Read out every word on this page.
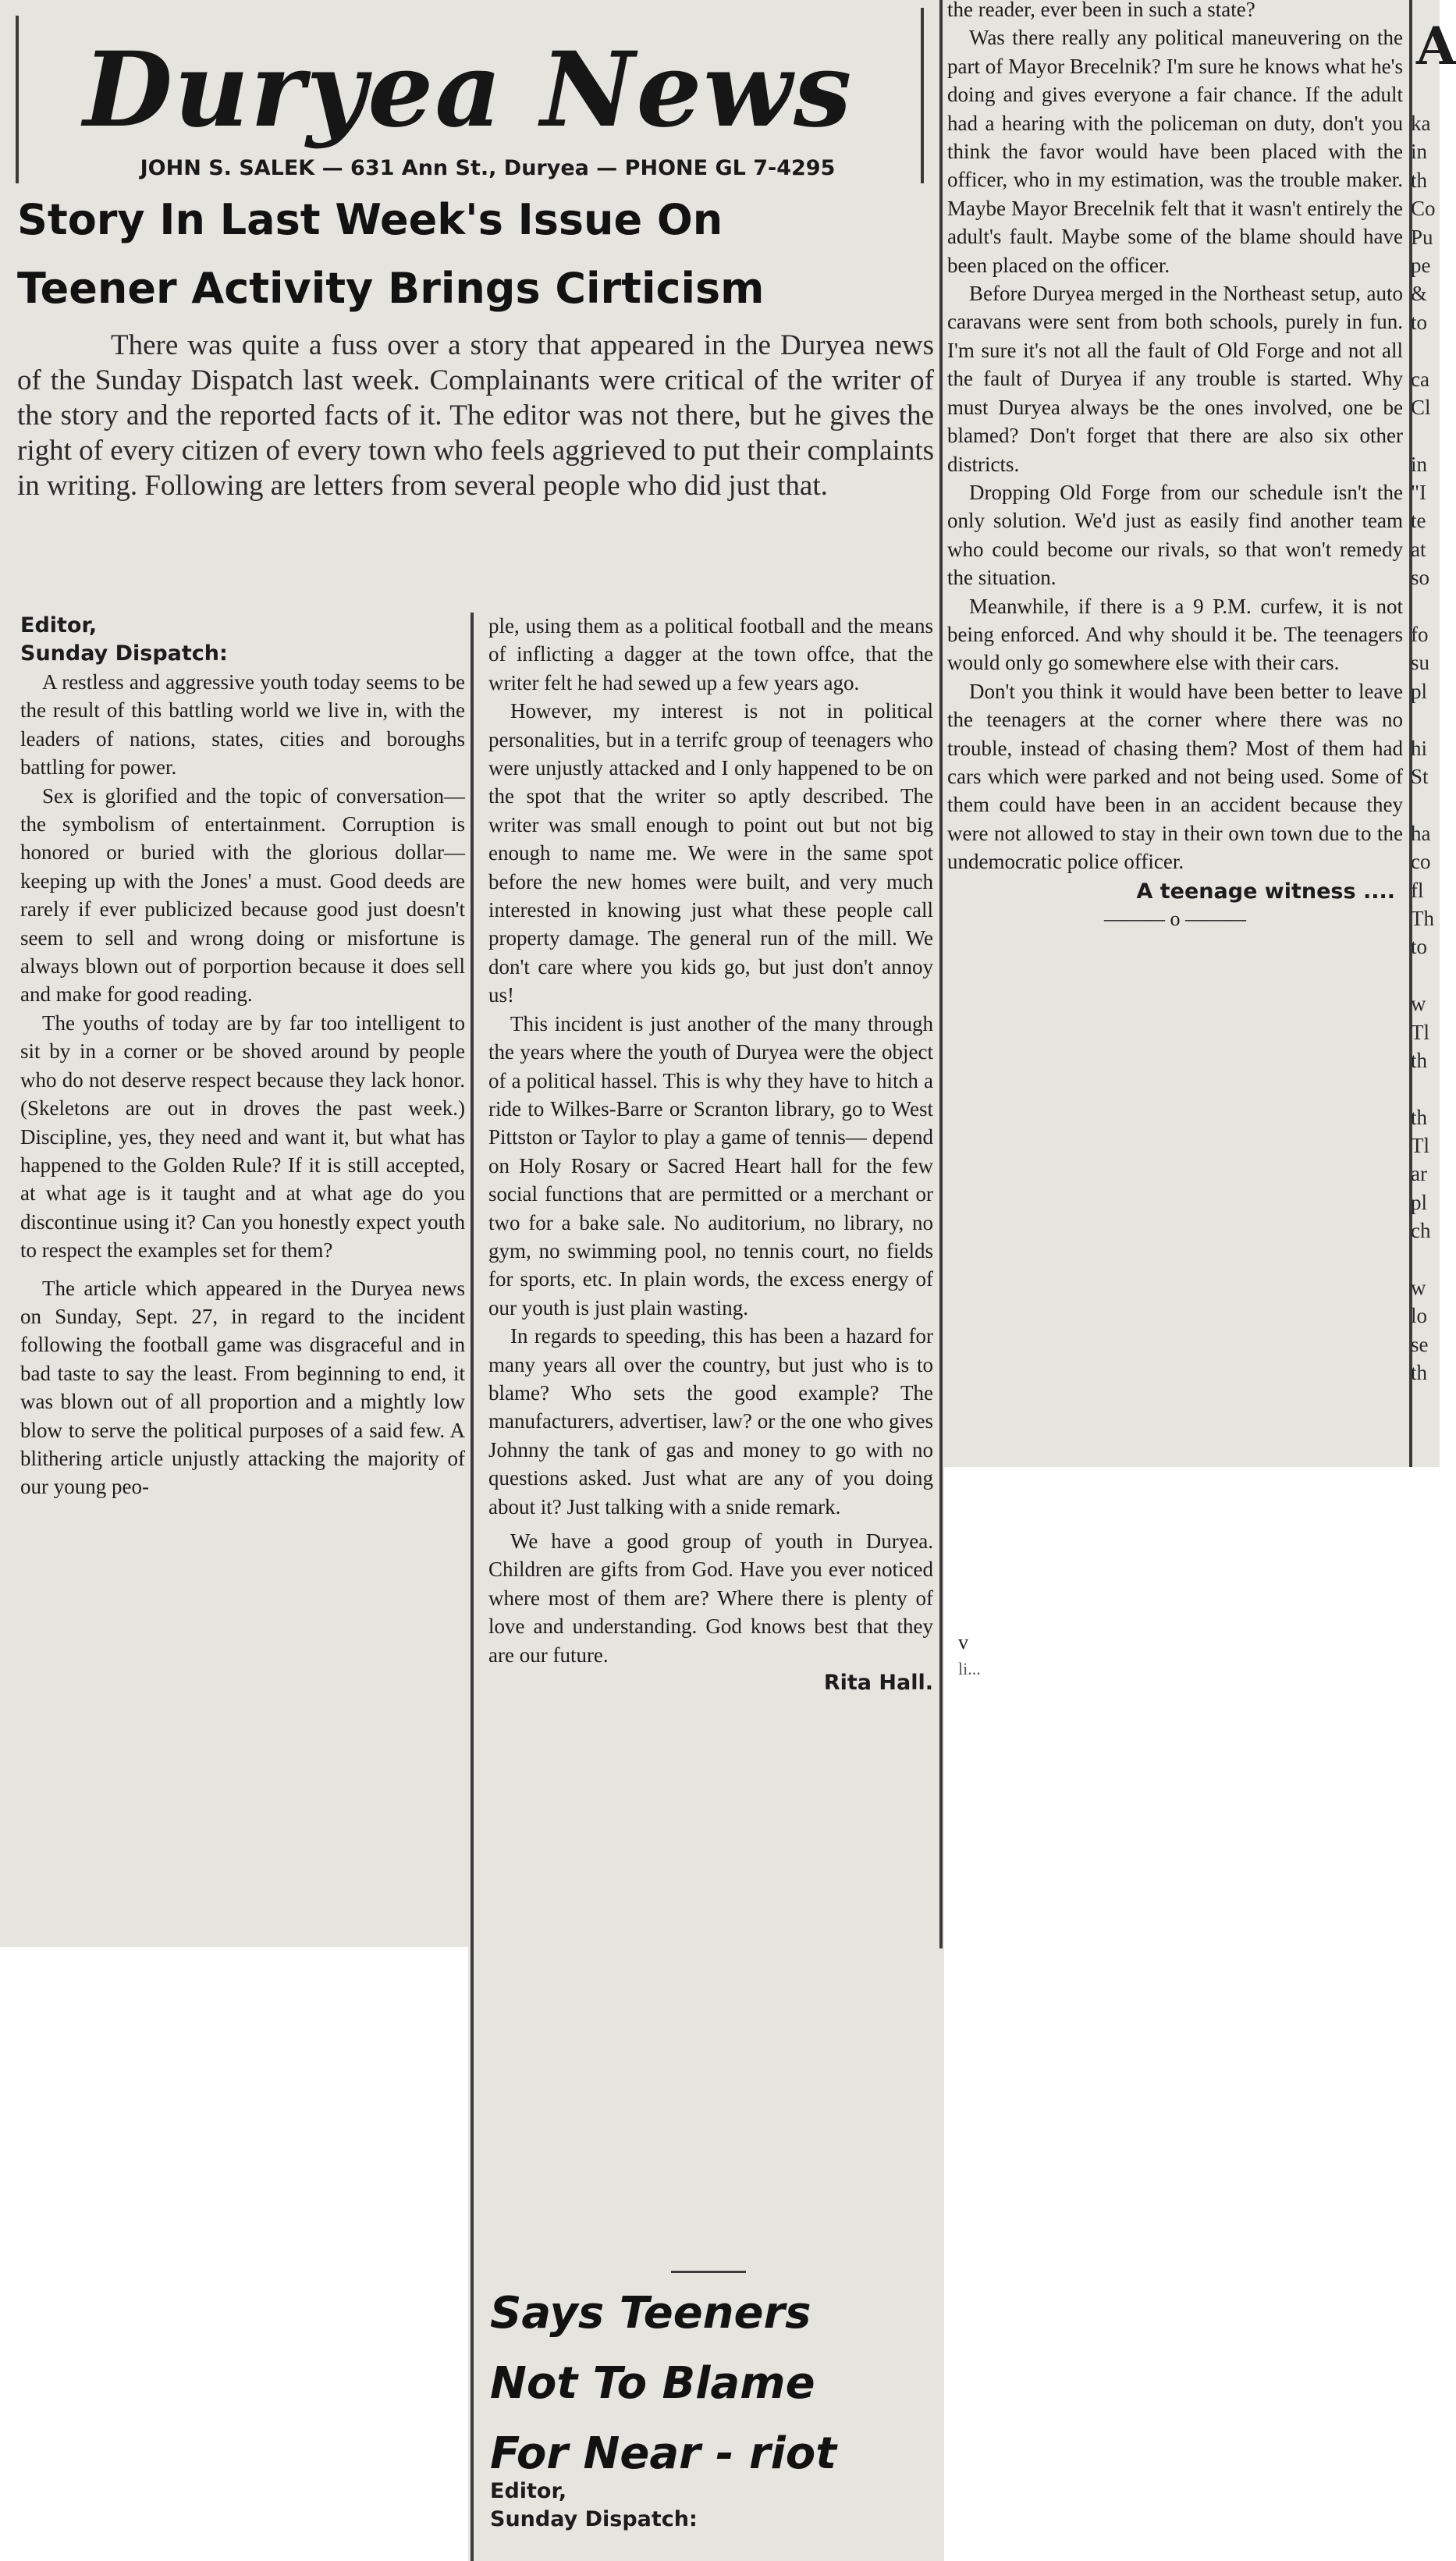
Duryea News
JOHN S. SALEK — 631 Ann St., Duryea — PHONE GL 7-4295
Story In Last Week's Issue On
Teener Activity Brings Cirticism

There was quite a fuss over a story that appeared in the Duryea news of the Sunday Dispatch last week. Complainants were critical of the writer of the story and the reported facts of it. The editor was not there, but he gives the right of every citizen of every town who feels aggrieved to put their complaints in writing. Following are letters from several people who did just that.

Editor,
Sunday Dispatch:

A restless and aggressive youth today seems to be the result of this battling world we live in, with the leaders of nations, states, cities and boroughs battling for power.

Sex is glorified and the topic of conversation— the symbolism of entertainment. Corruption is honored or buried with the glorious dollar— keeping up with the Jones' a must. Good deeds are rarely if ever publicized because good just doesn't seem to sell and wrong doing or misfortune is always blown out of porportion because it does sell and make for good reading.

The youths of today are by far too intelligent to sit by in a corner or be shoved around by people who do not deserve respect because they lack honor. (Skeletons are out in droves the past week.) Discipline, yes, they need and want it, but what has happened to the Golden Rule? If it is still accepted, at what age is it taught and at what age do you discontinue using it? Can you honestly expect youth to respect the examples set for them?

The article which appeared in the Duryea news on Sunday, Sept. 27, in regard to the incident following the football game was disgraceful and in bad taste to say the least. From beginning to end, it was blown out of all proportion and a mightly low blow to serve the political purposes of a said few. A blithering article unjustly attacking the majority of our young peo-

ple, using them as a political football and the means of inflicting a dagger at the town offce, that the writer felt he had sewed up a few years ago.

However, my interest is not in political personalities, but in a terrifc group of teenagers who were unjustly attacked and I only happened to be on the spot that the writer so aptly described. The writer was small enough to point out but not big enough to name me. We were in the same spot before the new homes were built, and very much interested in knowing just what these people call property damage. The general run of the mill. We don't care where you kids go, but just don't annoy us!

This incident is just another of the many through the years where the youth of Duryea were the object of a political hassel. This is why they have to hitch a ride to Wilkes-Barre or Scranton library, go to West Pittston or Taylor to play a game of tennis— depend on Holy Rosary or Sacred Heart hall for the few social functions that are permitted or a merchant or two for a bake sale. No auditorium, no library, no gym, no swimming pool, no tennis court, no fields for sports, etc. In plain words, the excess energy of our youth is just plain wasting.

In regards to speeding, this has been a hazard for many years all over the country, but just who is to blame? Who sets the good example? The manufacturers, advertiser, law? or the one who gives Johnny the tank of gas and money to go with no questions asked. Just what are any of you doing about it? Just talking with a snide remark.

We have a good group of youth in Duryea. Children are gifts from God. Have you ever noticed where most of them are? Where there is plenty of love and understanding. God knows best that they are our future.

Rita Hall.
Says Teeners
Not To Blame
For Near - riot
Editor,
Sunday Dispatch:

the reader, ever been in such a state?

Was there really any political maneuvering on the part of Mayor Brecelnik? I'm sure he knows what he's doing and gives everyone a fair chance. If the adult had a hearing with the policeman on duty, don't you think the favor would have been placed with the officer, who in my estimation, was the trouble maker. Maybe Mayor Brecelnik felt that it wasn't entirely the adult's fault. Maybe some of the blame should have been placed on the officer.

Before Duryea merged in the Northeast setup, auto caravans were sent from both schools, purely in fun. I'm sure it's not all the fault of Old Forge and not all the fault of Duryea if any trouble is started. Why must Duryea always be the ones involved, one be blamed? Don't forget that there are also six other districts.

Dropping Old Forge from our schedule isn't the only solution. We'd just as easily find another team who could become our rivals, so that won't remedy the situation.

Meanwhile, if there is a 9 P.M. curfew, it is not being enforced. And why should it be. The teenagers would only go somewhere else with their cars.

Don't you think it would have been better to leave the teenagers at the corner where there was no trouble, instead of chasing them? Most of them had cars which were parked and not being used. Some of them could have been in an accident because they were not allowed to stay in their own town due to the undemocratic police officer.

A teenage witness ....
——— o ———
v
li...
A
ka
in
th
Co
Pu
pe
&
to
ca
Cl
in
"I
te
at
so
fo
su
pl
hi
St
ha
co
fl
Th
to
w
Tl
th
th
Tl
ar
pl
ch
w
lo
se
th
